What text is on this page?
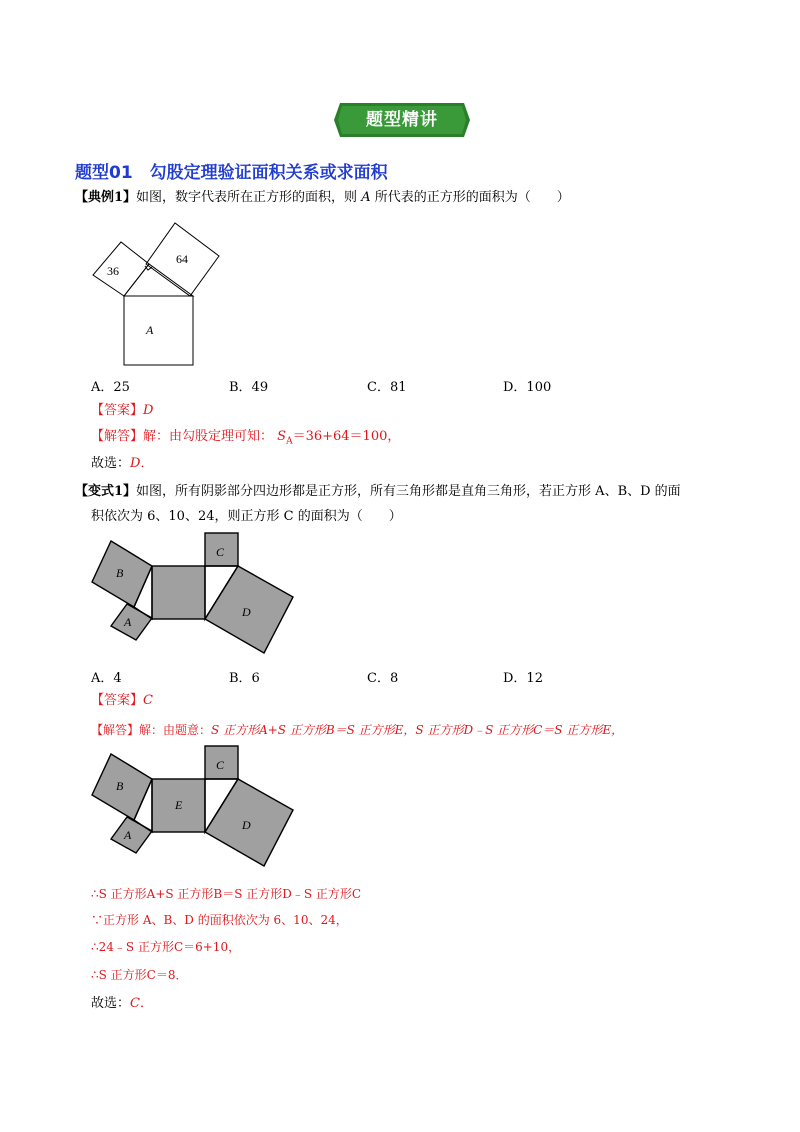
题型精讲
题型01　勾股定理验证面积关系或求面积
【典例1】如图，数字代表所在正方形的面积，则 A 所代表的正方形的面积为（　　）
36
64
A
A．25	B．49	C．81	D．100
【答案】D
【解答】解：由勾股定理可知： $S_A=36+64=100$，
故选：D．
【变式1】如图，所有阴影部分四边形都是正方形，所有三角形都是直角三角形，若正方形 A、B、D 的面
积依次为 6、10、24，则正方形 C 的面积为（　　）
B
A
C
D
A．4	B．6	C．8	D．12
【答案】C
【解答】解：由题意：S 正方形A+S 正方形B＝S 正方形E，S 正方形D﹣S 正方形C＝S 正方形E，
B
A
C
E
D
∴S 正方形A+S 正方形B＝S 正方形D﹣S 正方形C
∵正方形 A、B、D 的面积依次为 6、10、24，
∴24﹣S 正方形C＝6+10，
∴S 正方形C＝8．
故选：C．
